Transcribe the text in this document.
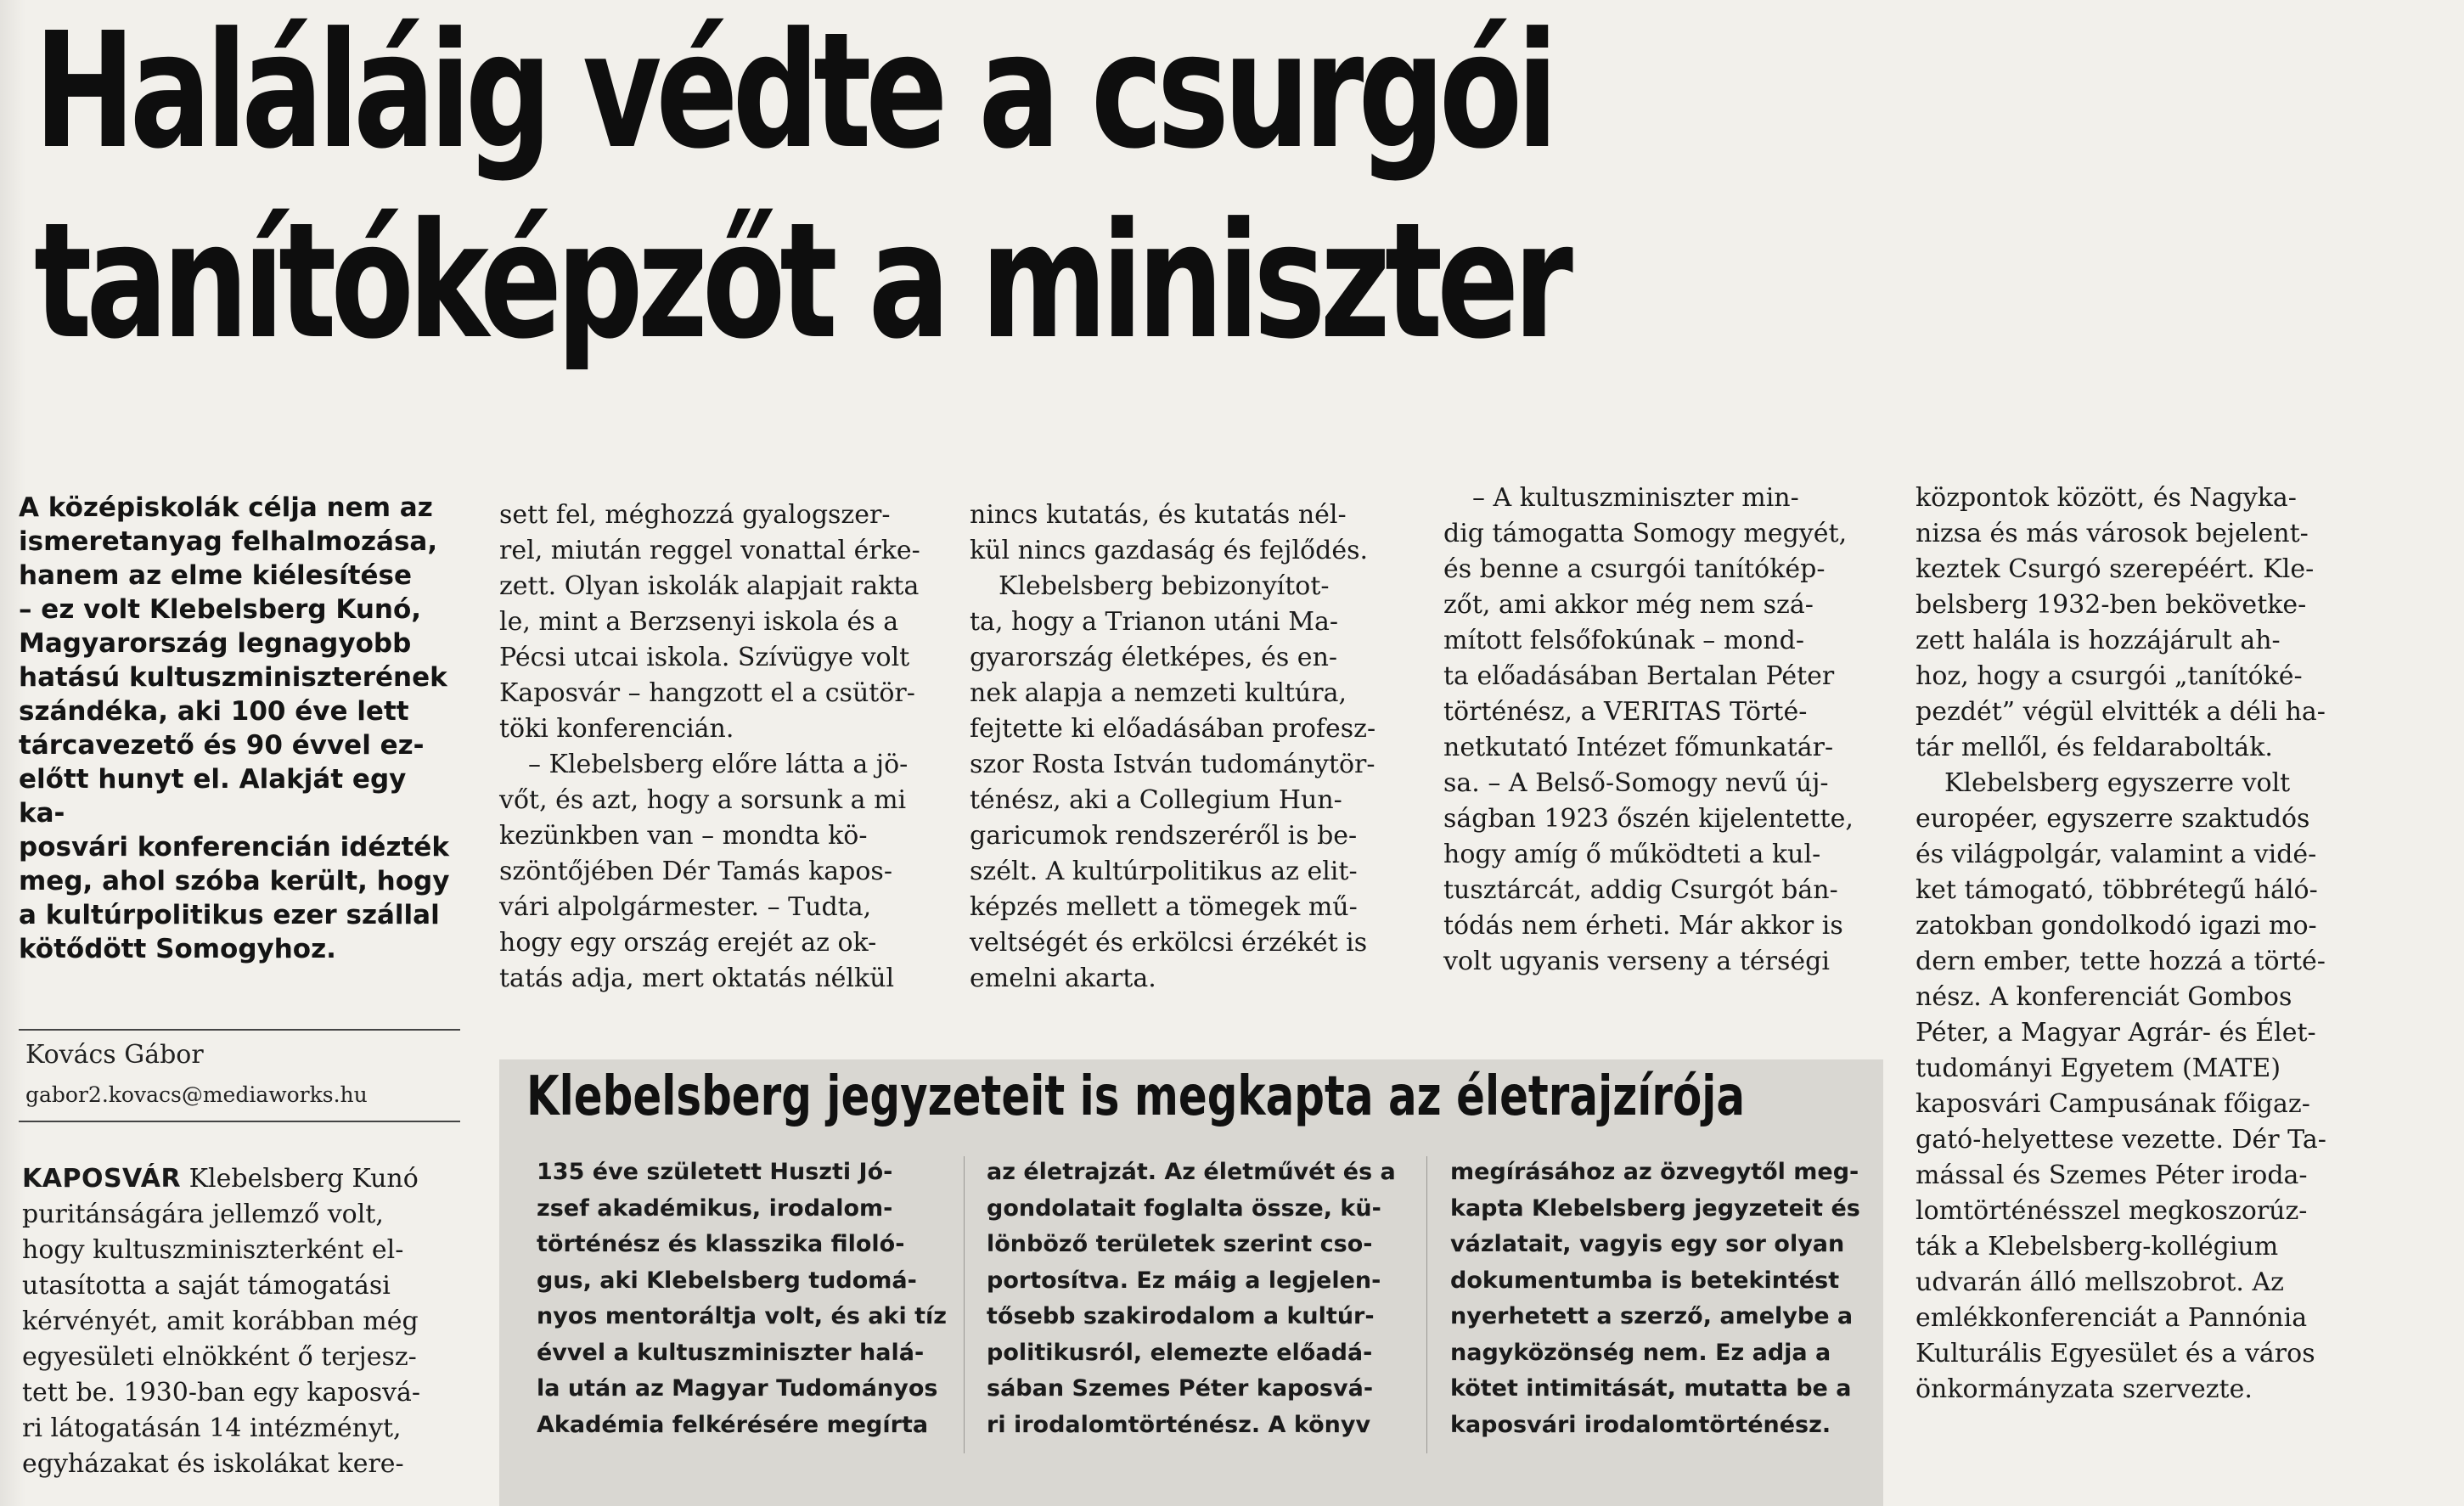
Haláláig védte a csurgói
tanítóképzőt a miniszter
A középiskolák célja nem az
ismeretanyag felhalmozása,
hanem az elme kiélesítése
– ez volt Klebelsberg Kunó,
Magyarország legnagyobb
hatású kultuszminiszterének
szándéka, aki 100 éve lett
tárcavezető és 90 évvel ez-
előtt hunyt el. Alakját egy ka-
posvári konferencián idézték
meg, ahol szóba került, hogy
a kultúrpolitikus ezer szállal
kötődött Somogyhoz.
Kovács Gábor
gabor2.kovacs@mediaworks.hu

KAPOSVÁR Klebelsberg Kunó

puritánságára jellemző volt,

hogy kultuszminiszterként el-

utasította a saját támogatási

kérvényét, amit korábban még

egyesületi elnökként ő terjesz-

tett be. 1930-ban egy kaposvá-

ri látogatásán 14 intézményt,

egyházakat és iskolákat kere-

sett fel, méghozzá gyalogszer-

rel, miután reggel vonattal érke-

zett. Olyan iskolák alapjait rakta

le, mint a Berzsenyi iskola és a

Pécsi utcai iskola. Szívügye volt

Kaposvár – hangzott el a csütör-

töki konferencián.

– Klebelsberg előre látta a jö-

vőt, és azt, hogy a sorsunk a mi

kezünkben van – mondta kö-

szöntőjében Dér Tamás kapos-

vári alpolgármester. – Tudta,

hogy egy ország erejét az ok-

tatás adja, mert oktatás nélkül

nincs kutatás, és kutatás nél-

kül nincs gazdaság és fejlődés.

Klebelsberg bebizonyítot-

ta, hogy a Trianon utáni Ma-

gyarország életképes, és en-

nek alapja a nemzeti kultúra,

fejtette ki előadásában profesz-

szor Rosta István tudománytör-

ténész, aki a Collegium Hun-

garicumok rendszeréről is be-

szélt. A kultúrpolitikus az elit-

képzés mellett a tömegek mű-

veltségét és erkölcsi érzékét is

emelni akarta.

– A kultuszminiszter min-

dig támogatta Somogy megyét,

és benne a csurgói tanítókép-

zőt, ami akkor még nem szá-

mított felsőfokúnak – mond-

ta előadásában Bertalan Péter

történész, a VERITAS Törté-

netkutató Intézet főmunkatár-

sa. – A Belső-Somogy nevű új-

ságban 1923 őszén kijelentette,

hogy amíg ő működteti a kul-

tusztárcát, addig Csurgót bán-

tódás nem érheti. Már akkor is

volt ugyanis verseny a térségi

központok között, és Nagyka-

nizsa és más városok bejelent-

keztek Csurgó szerepéért. Kle-

belsberg 1932-ben bekövetke-

zett halála is hozzájárult ah-

hoz, hogy a csurgói „tanítóké-

pezdét” végül elvitték a déli ha-

tár mellől, és feldarabolták.

Klebelsberg egyszerre volt

européer, egyszerre szaktudós

és világpolgár, valamint a vidé-

ket támogató, többrétegű háló-

zatokban gondolkodó igazi mo-

dern ember, tette hozzá a törté-

nész. A konferenciát Gombos

Péter, a Magyar Agrár- és Élet-

tudományi Egyetem (MATE)

kaposvári Campusának főigaz-

gató-helyettese vezette. Dér Ta-

mással és Szemes Péter iroda-

lomtörténésszel megkoszorúz-

ták a Klebelsberg-kollégium

udvarán álló mellszobrot. Az

emlékkonferenciát a Pannónia

Kulturális Egyesület és a város

önkormányzata szervezte.

Klebelsberg jegyzeteit is megkapta az életrajzírója

135 éve született Huszti Jó-

zsef akadémikus, irodalom-

történész és klasszika filoló-

gus, aki Klebelsberg tudomá-

nyos mentoráltja volt, és aki tíz

évvel a kultuszminiszter halá-

la után az Magyar Tudományos

Akadémia felkérésére megírta

az életrajzát. Az életművét és a

gondolatait foglalta össze, kü-

lönböző területek szerint cso-

portosítva. Ez máig a legjelen-

tősebb szakirodalom a kultúr-

politikusról, elemezte előadá-

sában Szemes Péter kaposvá-

ri irodalomtörténész. A könyv

megírásához az özvegytől meg-

kapta Klebelsberg jegyzeteit és

vázlatait, vagyis egy sor olyan

dokumentumba is betekintést

nyerhetett a szerző, amelybe a

nagyközönség nem. Ez adja a

kötet intimitását, mutatta be a

kaposvári irodalomtörténész.
